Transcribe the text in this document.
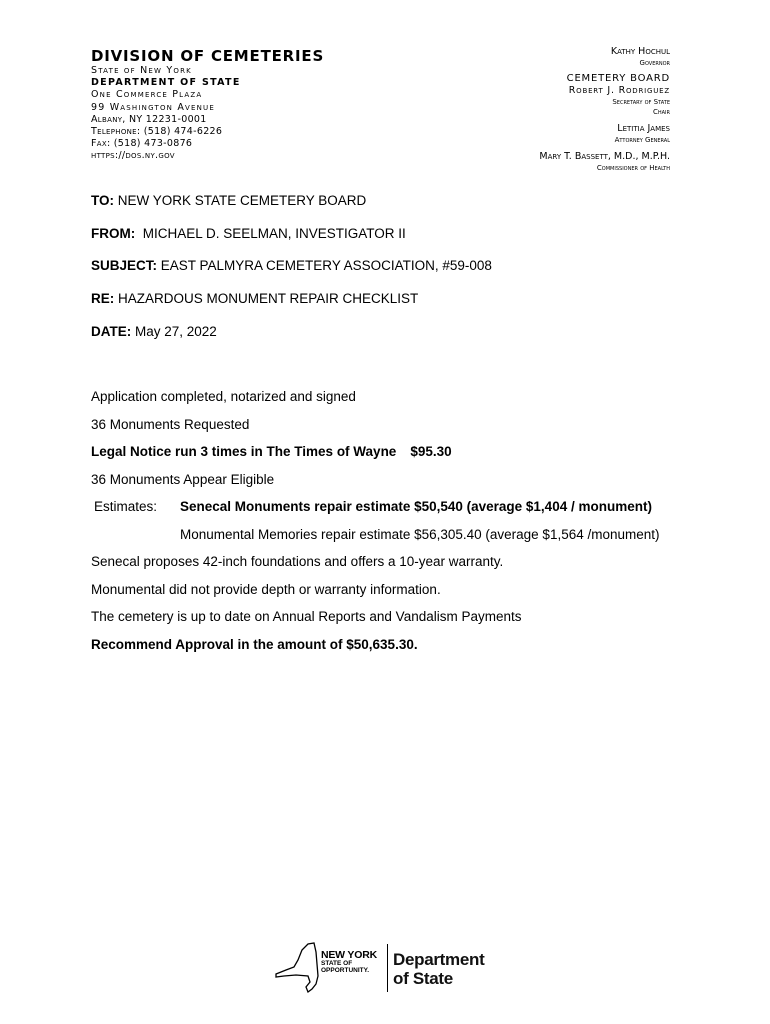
DIVISION OF CEMETERIES
State of New York
DEPARTMENT OF STATE
One Commerce Plaza
99 Washington Avenue
Albany, NY 12231-0001
Telephone: (518) 474-6226
Fax: (518) 473-0876
https://dos.ny.gov
Kathy Hochul
Governor
CEMETERY BOARD
Robert J. Rodriguez
Secretary of State
Chair
Letitia James
Attorney General
Mary T. Bassett, M.D., M.P.H.
Commissioner of Health
TO: NEW YORK STATE CEMETERY BOARD
FROM:  MICHAEL D. SEELMAN, INVESTIGATOR II
SUBJECT: EAST PALMYRA CEMETERY ASSOCIATION, #59-008
RE: HAZARDOUS MONUMENT REPAIR CHECKLIST
DATE: May 27, 2022
Application completed, notarized and signed
36 Monuments Requested
Legal Notice run 3 times in The Times of Wayne $95.30
36 Monuments Appear Eligible
Estimates: Senecal Monuments repair estimate $50,540 (average $1,404 / monument)
Monumental Memories repair estimate $56,305.40 (average $1,564 /monument)
Senecal proposes 42-inch foundations and offers a 10-year warranty.
Monumental did not provide depth or warranty information.
The cemetery is up to date on Annual Reports and Vandalism Payments
Recommend Approval in the amount of $50,635.30.
NEW YORK
STATE OF
OPPORTUNITY.
Department
of State
